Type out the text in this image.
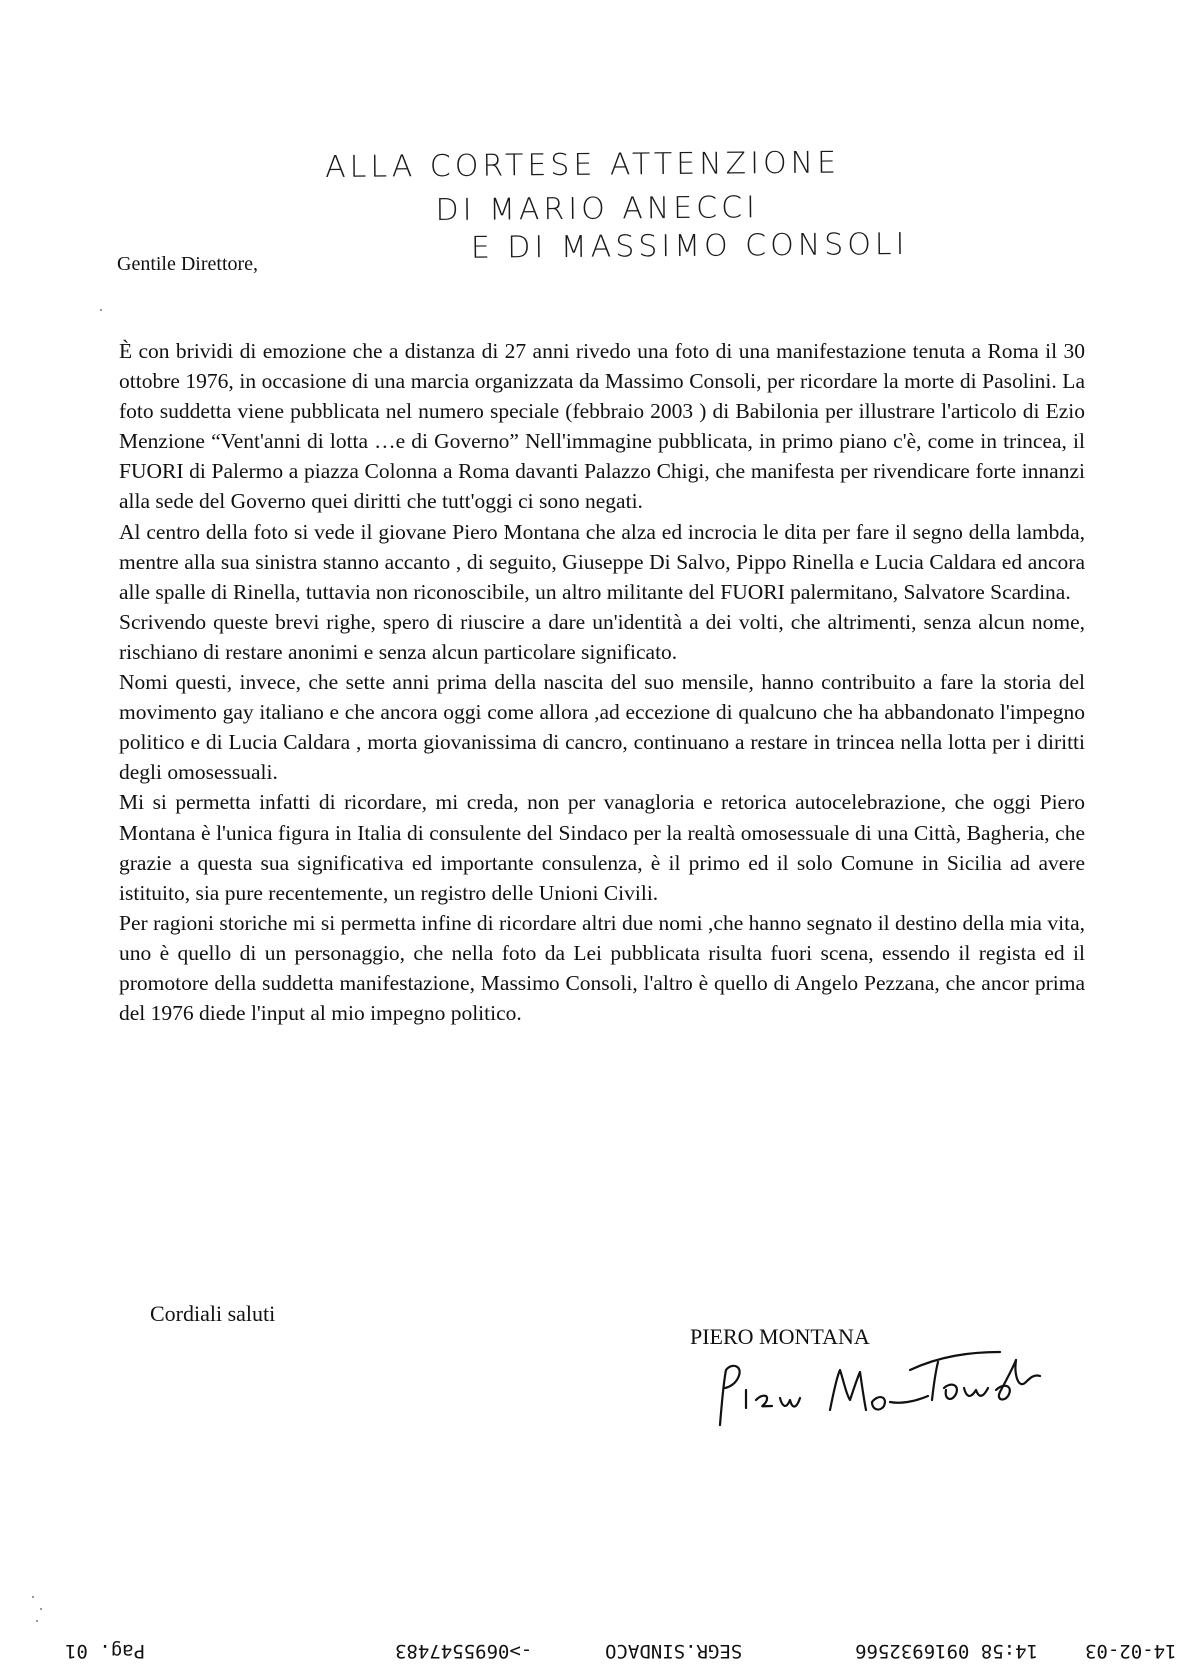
ALLA CORTESE ATTENZIONE
DI MARIO ANECCI
E DI MASSIMO CONSOLI
Gentile Direttore,

È con brividi di emozione che a distanza di 27 anni rivedo una foto di una manifestazione tenuta a Roma il 30 ottobre 1976, in occasione di una marcia organizzata da Massimo Consoli, per ricordare la morte di Pasolini. La foto suddetta viene pubblicata nel numero speciale (febbraio 2003 ) di Babilonia per illustrare l'articolo di Ezio Menzione “Vent'anni di lotta …e di Governo” Nell'immagine pubblicata, in primo piano c'è, come in trincea, il FUORI di Palermo a piazza Colonna a Roma davanti Palazzo Chigi, che manifesta per rivendicare forte innanzi alla sede del Governo quei diritti che tutt'oggi ci sono negati.

Al centro della foto si vede il giovane Piero Montana che alza ed incrocia le dita per fare il segno della lambda, mentre alla sua sinistra stanno accanto , di seguito, Giuseppe Di Salvo, Pippo Rinella e Lucia Caldara ed ancora alle spalle di Rinella, tuttavia non riconoscibile, un altro militante del FUORI palermitano, Salvatore Scardina.

Scrivendo queste brevi righe, spero di riuscire a dare un'identità a dei volti, che altrimenti, senza alcun nome, rischiano di restare anonimi e senza alcun particolare significato.

Nomi questi, invece, che sette anni prima della nascita del suo mensile, hanno contribuito a fare la storia del movimento gay italiano e che ancora oggi come allora ,ad eccezione di qualcuno che ha abbandonato l'impegno politico e di Lucia Caldara , morta giovanissima di cancro, continuano a restare in trincea nella lotta per i diritti degli omosessuali.

Mi si permetta infatti di ricordare, mi creda, non per vanagloria e retorica autocelebrazione, che oggi Piero Montana è l'unica figura in Italia di consulente del Sindaco per la realtà omosessuale di una Città, Bagheria, che grazie a questa sua significativa ed importante consulenza, è il primo ed il solo Comune in Sicilia ad avere istituito, sia pure recentemente, un registro delle Unioni Civili.

Per ragioni storiche mi si permetta infine di ricordare altri due nomi ,che hanno segnato il destino della mia vita, uno è quello di un personaggio, che nella foto da Lei pubblicata risulta fuori scena, essendo il regista ed il promotore della suddetta manifestazione, Massimo Consoli, l'altro è quello di Angelo Pezzana, che ancor prima del 1976 diede l'input al mio impegno politico.

Cordiali saluti
PIERO MONTANA
Pag. 01	->0695547483	SEGR.SINDACO	14:58 0916932566 14-02-03
